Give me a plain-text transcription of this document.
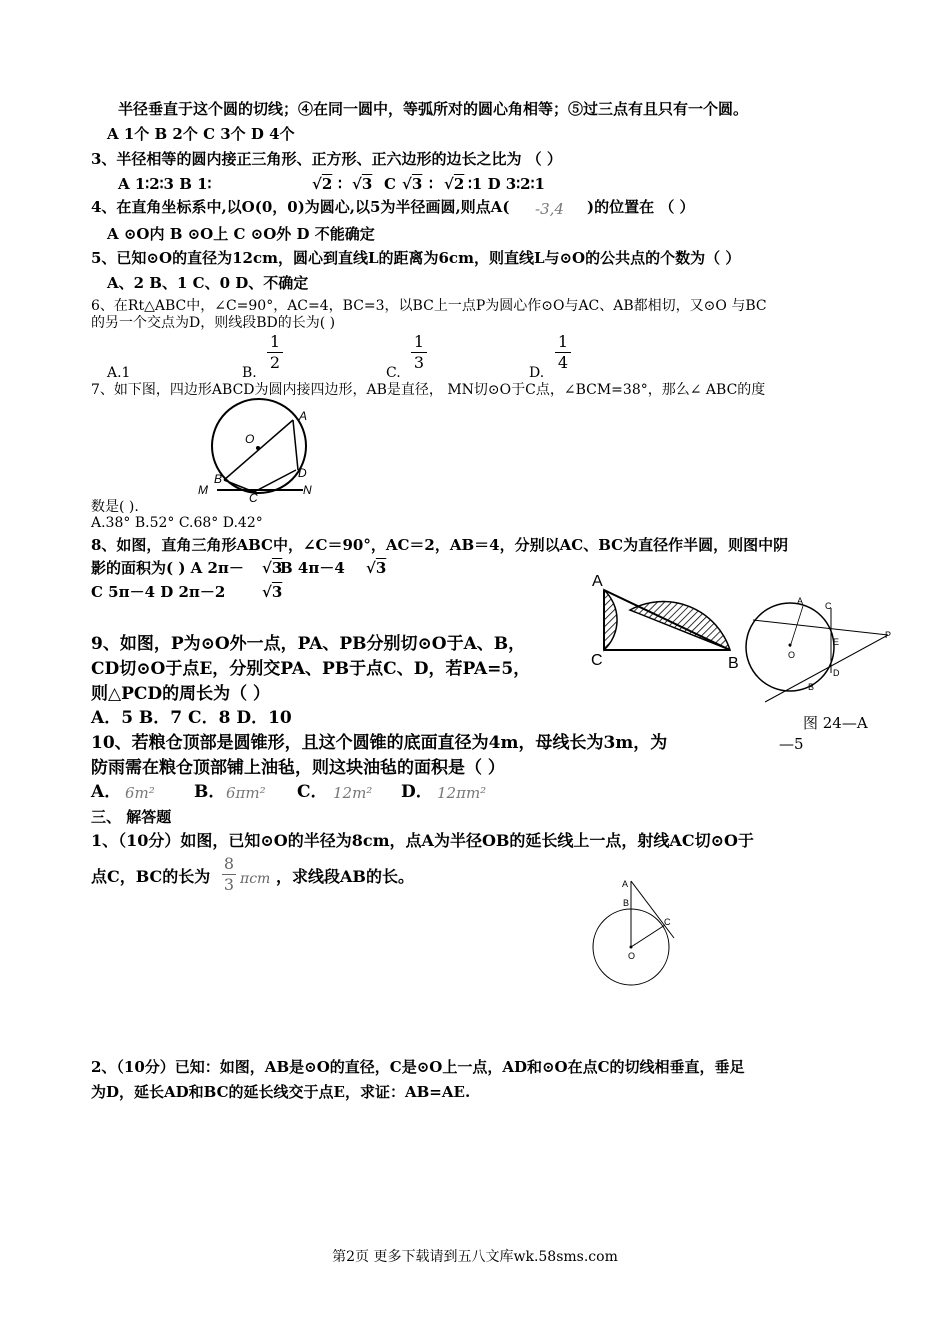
半径垂直于这个圆的切线；④在同一圆中，等弧所对的圆心角相等；⑤过三点有且只有一个圆。
A 1个 B 2个 C 3个 D 4个
3、半径相等的圆内接正三角形、正方形、正六边形的边长之比为 （ ）
A 1∶2∶3 B 1∶	√2 ∶ √3 C √3 ∶ √2 ∶1 D 3∶2∶1
4、在直角坐标系中,以O(0，0)为圆心,以5为半径画圆,则点A( -3,4 )的位置在 （ ）
A ⊙O内 B ⊙O上 C ⊙O外 D 不能确定
5、已知⊙O的直径为12cm，圆心到直线L的距离为6cm，则直线L与⊙O的公共点的个数为（ ）
A、2 B、1 C、0 D、不确定
6、在Rt△ABC中，∠C=90°，AC=4，BC=3，以BC上一点P为圆心作⊙O与AC、AB都相切，又⊙O 与BC
的另一个交点为D，则线段BD的长为( )
A.1	B.
1
2
C.
1
3
D.
1
4
7、如下图，四边形ABCD为圆内接四边形，AB是直径， MN切⊙O于C点，∠BCM=38°，那么∠ ABC的度
A
O
B	D
C
M	N
数是( ).
A.38° B.52° C.68° D.42°
8、如图，直角三角形ABC中，∠C＝90°，AC＝2，AB＝4，分别以AC、BC为直径作半圆，则图中阴
影的面积为( ) A 2π－ √3
B 4π－4 √3
C 5π－4 D 2π－2 √3
A
C	B
A C
E
D
B
O
P
9、如图，P为⊙O外一点，PA、PB分别切⊙O于A、B，
CD切⊙O于点E，分别交PA、PB于点C、D，若PA=5，
则△PCD的周长为（ ）
A．5 B．7 C．8 D．10	图 24—A
—5
10、若粮仓顶部是圆锥形，且这个圆锥的底面直径为4m，母线长为3m，为
防雨需在粮仓顶部铺上油毡，则这块油毡的面积是（ ）
A． 6m² B． 6πm² C． 12m² D． 12πm²
三、 解答题
1、（10分）如图，已知⊙O的半径为8cm，点A为半径OB的延长线上一点，射线AC切⊙O于
点C，BC的长为
8
3 πcm ，求线段AB的长。	A
B
C
O
2、（10分）已知：如图，AB是⊙O的直径，C是⊙O上一点，AD和⊙O在点C的切线相垂直，垂足
为D，延长AD和BC的延长线交于点E，求证：AB=AE.
第2页 更多下载请到五八文库wk.58sms.com
